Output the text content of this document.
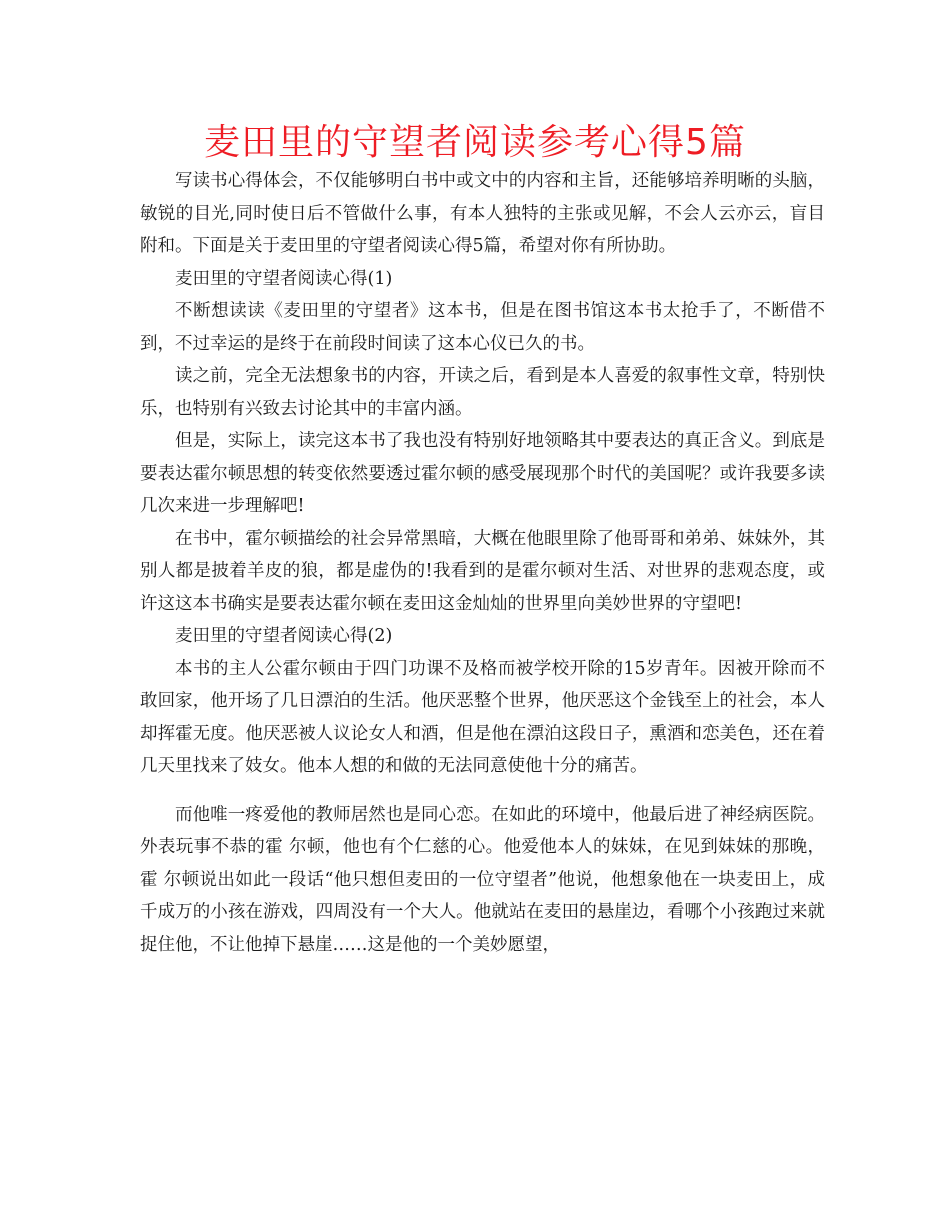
麦田里的守望者阅读参考心得5篇

写读书心得体会，不仅能够明白书中或文中的内容和主旨，还能够培养明晰的头脑，敏锐的目光,同时使日后不管做什么事，有本人独特的主张或见解，不会人云亦云，盲目附和。下面是关于麦田里的守望者阅读心得5篇，希望对你有所协助。

麦田里的守望者阅读心得(1)

不断想读读《麦田里的守望者》这本书，但是在图书馆这本书太抢手了，不断借不到，不过幸运的是终于在前段时间读了这本心仪已久的书。

读之前，完全无法想象书的内容，开读之后，看到是本人喜爱的叙事性文章，特别快乐，也特别有兴致去讨论其中的丰富内涵。

但是，实际上，读完这本书了我也没有特别好地领略其中要表达的真正含义。到底是要表达霍尔顿思想的转变依然要透过霍尔顿的感受展现那个时代的美国呢？或许我要多读几次来进一步理解吧!

在书中，霍尔顿描绘的社会异常黑暗，大概在他眼里除了他哥哥和弟弟、妹妹外，其别人都是披着羊皮的狼，都是虚伪的!我看到的是霍尔顿对生活、对世界的悲观态度，或许这这本书确实是要表达霍尔顿在麦田这金灿灿的世界里向美妙世界的守望吧!

麦田里的守望者阅读心得(2)

本书的主人公霍尔顿由于四门功课不及格而被学校开除的15岁青年。因被开除而不敢回家，他开场了几日漂泊的生活。他厌恶整个世界，他厌恶这个金钱至上的社会，本人却挥霍无度。他厌恶被人议论女人和酒，但是他在漂泊这段日子，熏酒和恋美色，还在着几天里找来了妓女。他本人想的和做的无法同意使他十分的痛苦。

而他唯一疼爱他的教师居然也是同心恋。在如此的环境中，他最后进了神经病医院。外表玩事不恭的霍 尔顿，他也有个仁慈的心。他爱他本人的妹妹，在见到妹妹的那晚，霍 尔顿说出如此一段话“他只想但麦田的一位守望者”他说，他想象他在一块麦田上，成千成万的小孩在游戏，四周没有一个大人。他就站在麦田的悬崖边，看哪个小孩跑过来就捉住他，不让他掉下悬崖……这是他的一个美妙愿望，
